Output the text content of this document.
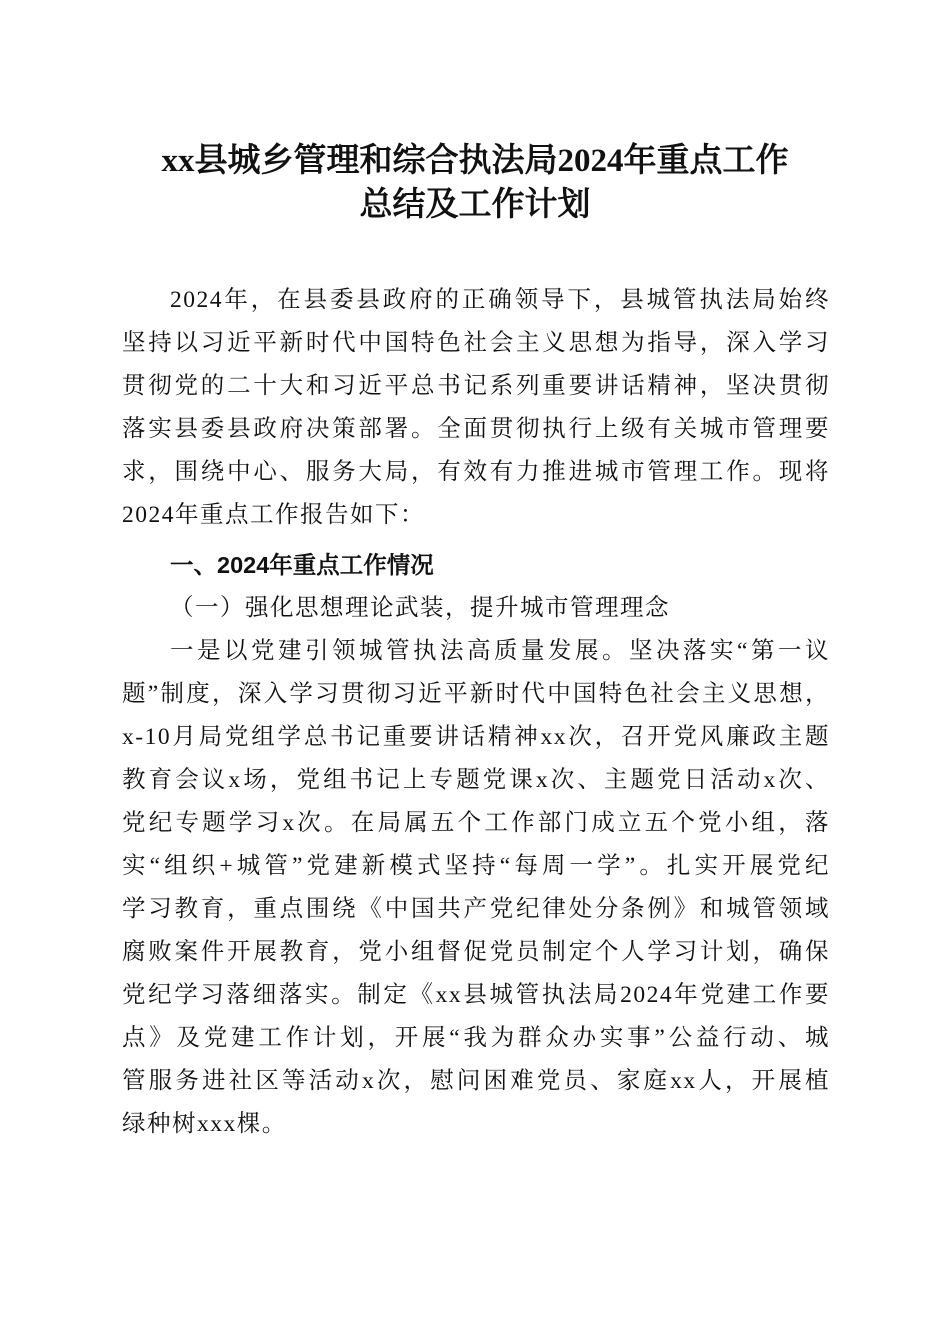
xx县城乡管理和综合执法局2024年重点工作
总结及工作计划
2024年，在县委县政府的正确领导下，县城管执法局始终
坚持以习近平新时代中国特色社会主义思想为指导，深入学习
贯彻党的二十大和习近平总书记系列重要讲话精神，坚决贯彻
落实县委县政府决策部署。全面贯彻执行上级有关城市管理要
求，围绕中心、服务大局，有效有力推进城市管理工作。现将
2024年重点工作报告如下：
一、2024年重点工作情况
（一）强化思想理论武装，提升城市管理理念
一是以党建引领城管执法高质量发展。坚决落实“第一议
题”制度，深入学习贯彻习近平新时代中国特色社会主义思想，
x-10月局党组学总书记重要讲话精神xx次，召开党风廉政主题
教育会议x场，党组书记上专题党课x次、主题党日活动x次、
党纪专题学习x次。在局属五个工作部门成立五个党小组，落
实“组织+城管”党建新模式坚持“每周一学”。扎实开展党纪
学习教育，重点围绕《中国共产党纪律处分条例》和城管领域
腐败案件开展教育，党小组督促党员制定个人学习计划，确保
党纪学习落细落实。制定《xx县城管执法局2024年党建工作要
点》及党建工作计划，开展“我为群众办实事”公益行动、城
管服务进社区等活动x次，慰问困难党员、家庭xx人，开展植
绿种树xxx棵。
